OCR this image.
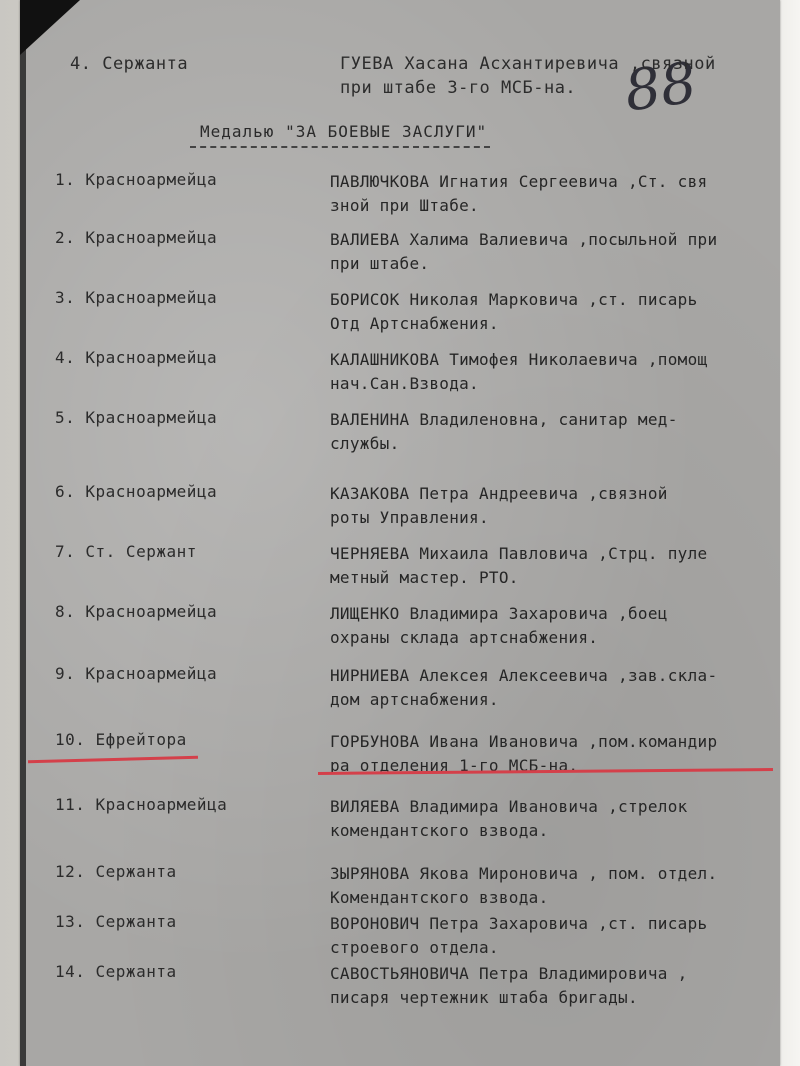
88
4. Сержанта	ГУЕВА Хасана Асхантиревича ,связной
при штабе 3-го МСБ-на.
Медалью "ЗА БОЕВЫЕ ЗАСЛУГИ"
1. Красноармейца	ПАВЛЮЧКОВА Игнатия Сергеевича ,Ст. свя
зной при Штабе.
2. Красноармейца	ВАЛИЕВА Халима Валиевича ,посыльной при
при штабе.
3. Красноармейца	БОРИСОК Николая Марковича ,ст. писарь
Отд Артснабжения.
4. Красноармейца	КАЛАШНИКОВА Тимофея Николаевича ,помощ
нач.Сан.Взвода.
5. Красноармейца	ВАЛЕНИНА Владиленовна, санитар мед-
службы.
6. Красноармейца	КАЗАКОВА Петра Андреевича ,связной
роты Управления.
7. Ст. Сержант	ЧЕРНЯЕВА Михаила Павловича ,Стрц. пуле
метный мастер. РТО.
8. Красноармейца	ЛИЩЕНКО Владимира Захаровича ,боец
охраны склада артснабжения.
9. Красноармейца	НИРНИЕВА Алексея Алексеевича ,зав.скла-
дом артснабжения.
10. Ефрейтора	ГОРБУНОВА Ивана Ивановича ,пом.командир
ра отделения 1-го МСБ-на.
11. Красноармейца	ВИЛЯЕВА Владимира Ивановича ,стрелок
комендантского взвода.
12. Сержанта	ЗЫРЯНОВА Якова Мироновича , пом. отдел.
Комендантского взвода.
13. Сержанта	ВОРОНОВИЧ Петра Захаровича ,ст. писарь
строевого отдела.
14. Сержанта	САВОСТЬЯНОВИЧА Петра Владимировича ,
писаря чертежник штаба бригады.
